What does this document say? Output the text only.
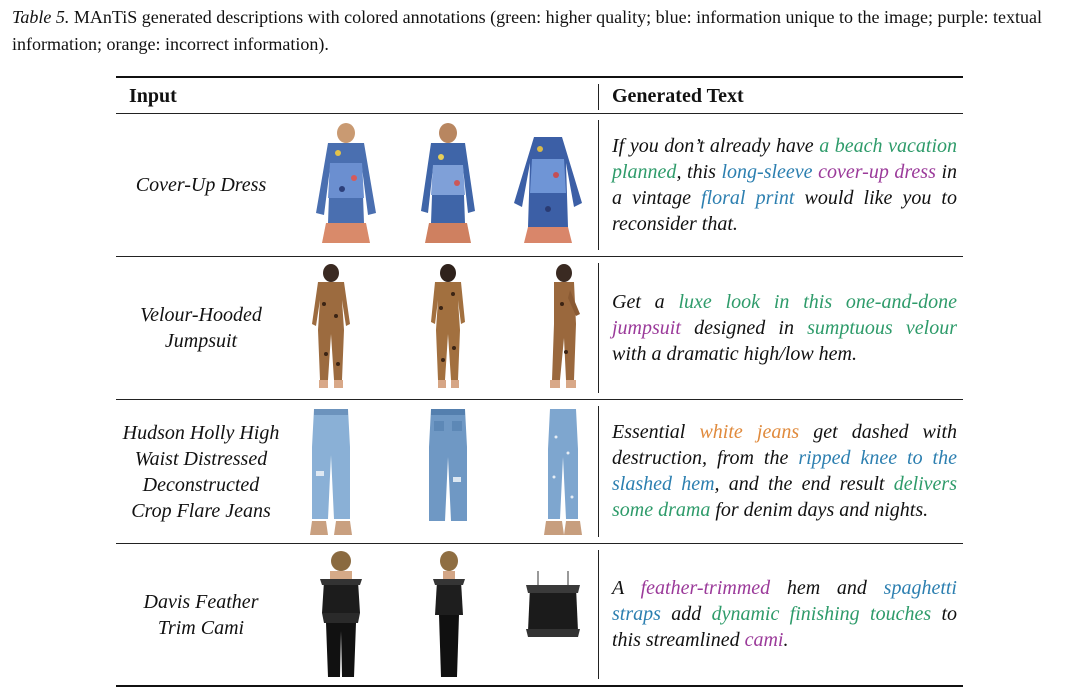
Table 5. MAnTiS generated descriptions with colored annotations (green: higher quality; blue: information unique to the image; purple: textual information; orange: incorrect information).
Input	Generated Text
Cover-Up Dress
If you don’t already have a beach vacation planned, this long-sleeve cover-up dress in a vintage floral print would like you to reconsider that.
Velour-Hooded Jumpsuit
Get a luxe look in this one-and-done jumpsuit designed in sumptuous velour with a dramatic high/low hem.
Hudson Holly High Waist Distressed Deconstructed Crop Flare Jeans
Essential white jeans get dashed with destruction, from the ripped knee to the slashed hem, and the end result delivers some drama for denim days and nights.
Davis Feather Trim Cami
A feather-trimmed hem and spaghetti straps add dynamic finishing touches to this streamlined cami.
